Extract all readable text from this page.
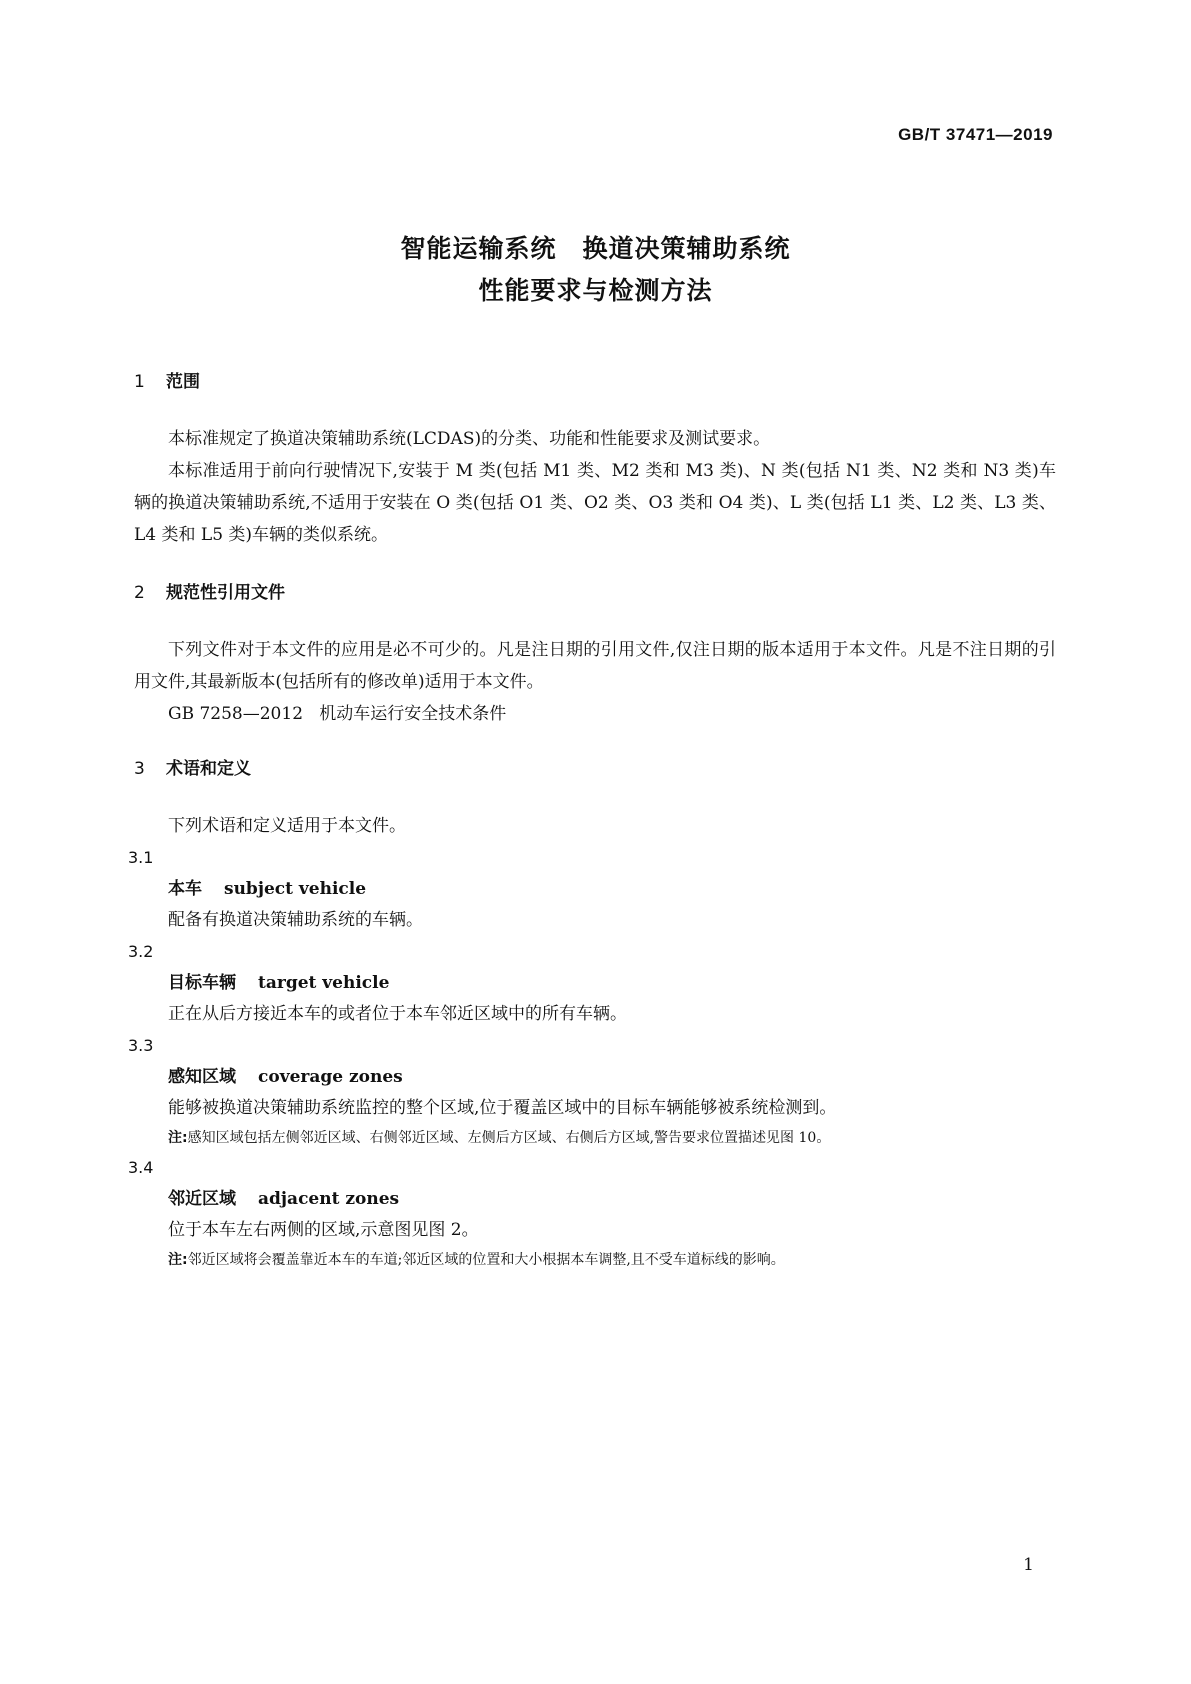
GB/T 37471—2019
智能运输系统　换道决策辅助系统
性能要求与检测方法
1 范围

本标准规定了换道决策辅助系统(LCDAS)的分类、功能和性能要求及测试要求。

本标准适用于前向行驶情况下,安装于 M 类(包括 M1 类、M2 类和 M3 类)、N 类(包括 N1 类、N2 类和 N3 类)车辆的换道决策辅助系统,不适用于安装在 O 类(包括 O1 类、O2 类、O3 类和 O4 类)、L 类(包括 L1 类、L2 类、L3 类、L4 类和 L5 类)车辆的类似系统。

2 规范性引用文件

下列文件对于本文件的应用是必不可少的。凡是注日期的引用文件,仅注日期的版本适用于本文件。凡是不注日期的引用文件,其最新版本(包括所有的修改单)适用于本文件。

GB 7258—2012 机动车运行安全技术条件
3 术语和定义

下列术语和定义适用于本文件。

3.1
本车 subject vehicle
配备有换道决策辅助系统的车辆。
3.2
目标车辆 target vehicle
正在从后方接近本车的或者位于本车邻近区域中的所有车辆。
3.3
感知区域 coverage zones
能够被换道决策辅助系统监控的整个区域,位于覆盖区域中的目标车辆能够被系统检测到。
注:感知区域包括左侧邻近区域、右侧邻近区域、左侧后方区域、右侧后方区域,警告要求位置描述见图 10。
3.4
邻近区域 adjacent zones
位于本车左右两侧的区域,示意图见图 2。
注:邻近区域将会覆盖靠近本车的车道;邻近区域的位置和大小根据本车调整,且不受车道标线的影响。
1
